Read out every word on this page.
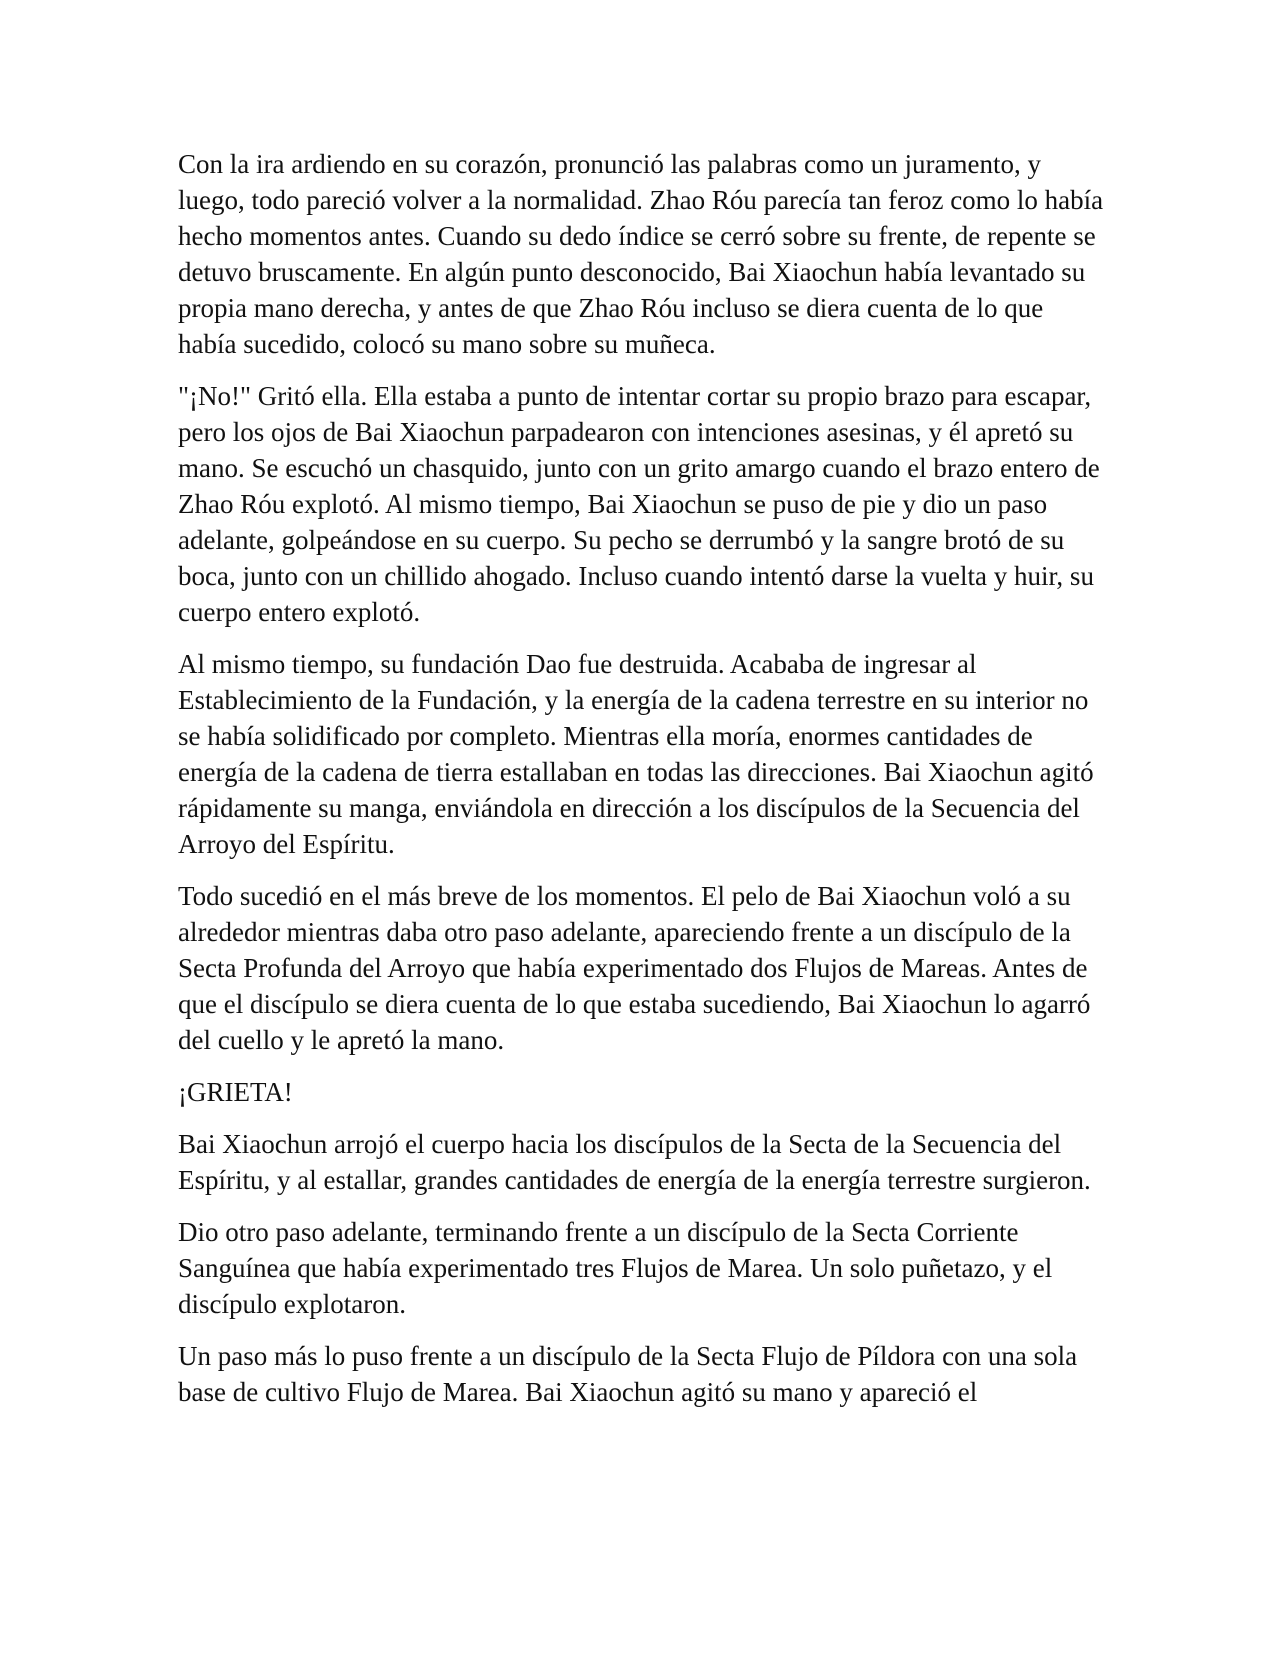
Con la ira ardiendo en su corazón, pronunció las palabras como un juramento, y luego, todo pareció volver a la normalidad. Zhao Róu parecía tan feroz como lo había hecho momentos antes. Cuando su dedo índice se cerró sobre su frente, de repente se detuvo bruscamente. En algún punto desconocido, Bai Xiaochun había levantado su propia mano derecha, y antes de que Zhao Róu incluso se diera cuenta de lo que había sucedido, colocó su mano sobre su muñeca.

"¡No!" Gritó ella. Ella estaba a punto de intentar cortar su propio brazo para escapar, pero los ojos de Bai Xiaochun parpadearon con intenciones asesinas, y él apretó su mano. Se escuchó un chasquido, junto con un grito amargo cuando el brazo entero de Zhao Róu explotó. Al mismo tiempo, Bai Xiaochun se puso de pie y dio un paso adelante, golpeándose en su cuerpo. Su pecho se derrumbó y la sangre brotó de su boca, junto con un chillido ahogado. Incluso cuando intentó darse la vuelta y huir, su cuerpo entero explotó.

Al mismo tiempo, su fundación Dao fue destruida. Acababa de ingresar al Establecimiento de la Fundación, y la energía de la cadena terrestre en su interior no se había solidificado por completo. Mientras ella moría, enormes cantidades de energía de la cadena de tierra estallaban en todas las direcciones. Bai Xiaochun agitó rápidamente su manga, enviándola en dirección a los discípulos de la Secuencia del Arroyo del Espíritu.

Todo sucedió en el más breve de los momentos. El pelo de Bai Xiaochun voló a su alrededor mientras daba otro paso adelante, apareciendo frente a un discípulo de la Secta Profunda del Arroyo que había experimentado dos Flujos de Mareas. Antes de que el discípulo se diera cuenta de lo que estaba sucediendo, Bai Xiaochun lo agarró del cuello y le apretó la mano.

¡GRIETA!

Bai Xiaochun arrojó el cuerpo hacia los discípulos de la Secta de la Secuencia del Espíritu, y al estallar, grandes cantidades de energía de la energía terrestre surgieron.

Dio otro paso adelante, terminando frente a un discípulo de la Secta Corriente Sanguínea que había experimentado tres Flujos de Marea. Un solo puñetazo, y el discípulo explotaron.

Un paso más lo puso frente a un discípulo de la Secta Flujo de Píldora con una sola base de cultivo Flujo de Marea. Bai Xiaochun agitó su mano y apareció el
